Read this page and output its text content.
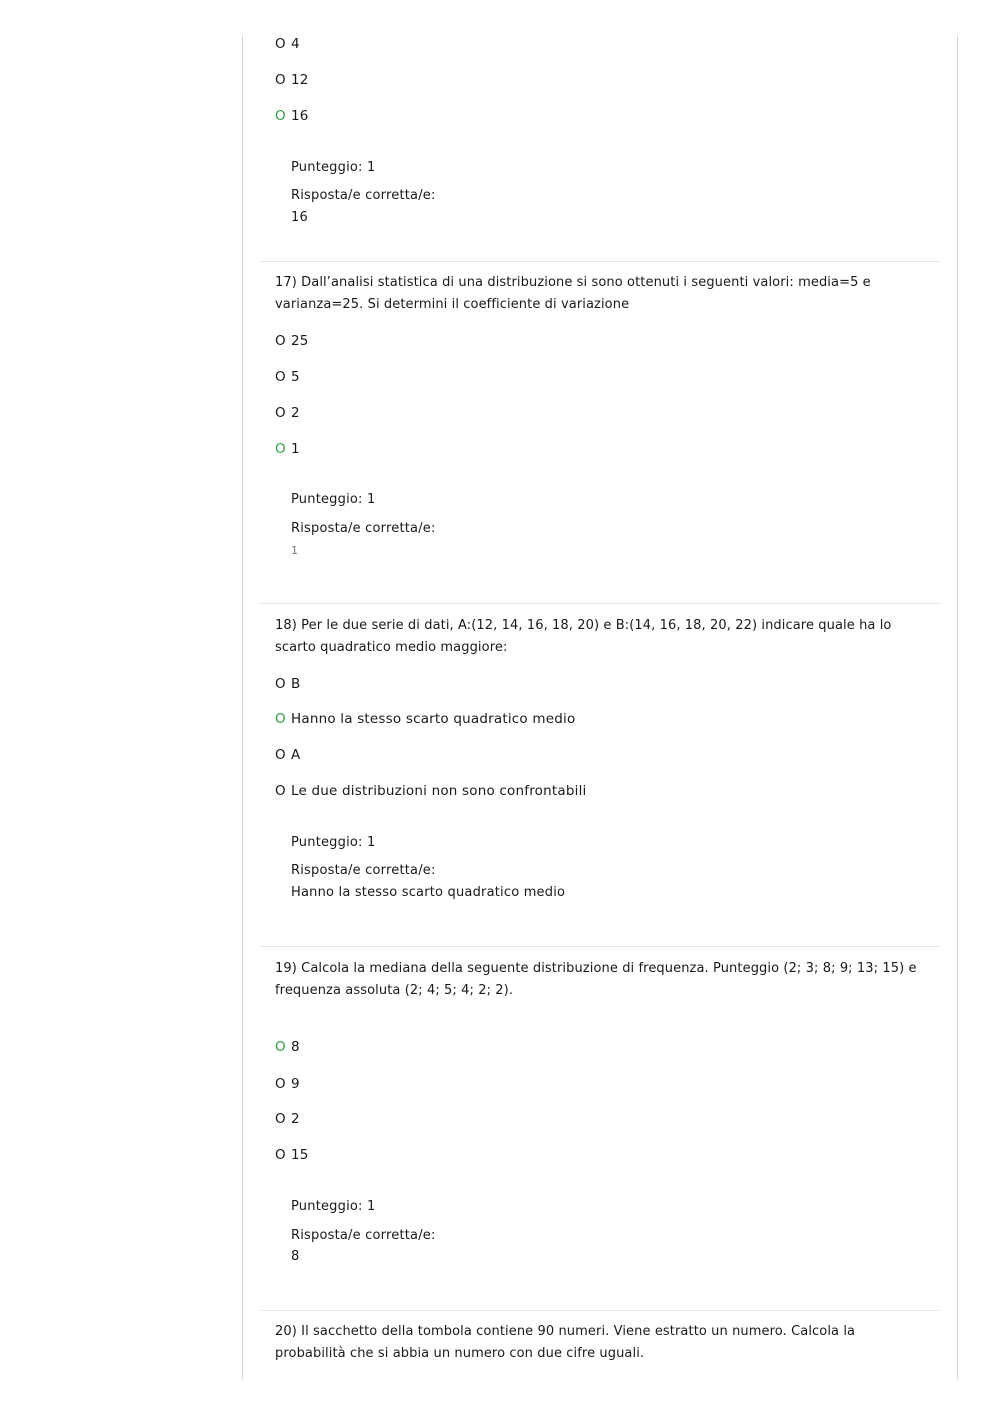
O 4
O 12
O 16
Punteggio: 1
Risposta/e corretta/e:
16
17) Dall’analisi statistica di una distribuzione si sono ottenuti i seguenti valori: media=5 e varianza=25. Si determini il coefficiente di variazione
O 25
O 5
O 2
O 1
Punteggio: 1
Risposta/e corretta/e:
1
18) Per le due serie di dati, A:(12, 14, 16, 18, 20) e B:(14, 16, 18, 20, 22) indicare quale ha lo scarto quadratico medio maggiore:
O B
O Hanno la stesso scarto quadratico medio
O A
O Le due distribuzioni non sono confrontabili
Punteggio: 1
Risposta/e corretta/e:
Hanno la stesso scarto quadratico medio
19) Calcola la mediana della seguente distribuzione di frequenza. Punteggio (2; 3; 8; 9; 13; 15) e frequenza assoluta (2; 4; 5; 4; 2; 2).
O 8
O 9
O 2
O 15
Punteggio: 1
Risposta/e corretta/e:
8
20) Il sacchetto della tombola contiene 90 numeri. Viene estratto un numero. Calcola la probabilità che si abbia un numero con due cifre uguali.
